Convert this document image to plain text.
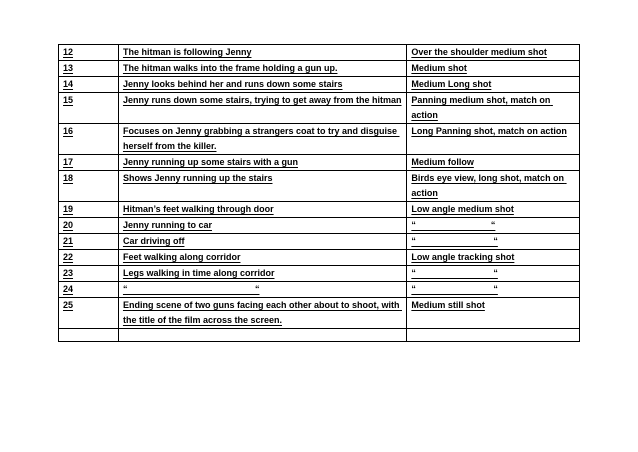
12	The hitman is following Jenny	Over the shoulder medium shot
13	The hitman walks into the frame holding a gun up.	Medium shot
14	Jenny looks behind her and runs down some stairs	Medium Long shot
15	Jenny runs down some stairs, trying to get away from the hitman	Panning medium shot, match on action
16	Focuses on Jenny grabbing a strangers coat to try and disguise herself from the killer.	Long Panning shot, match on action
17	Jenny running up some stairs with a gun	Medium follow
18	Shows Jenny running up the stairs	Birds eye view, long shot, match on action
19	Hitman’s feet walking through door	Low angle medium shot
20	Jenny running to car	“                              “
21	Car driving off	“                               “
22	Feet walking along corridor	Low angle tracking shot
23	Legs walking in time along corridor	“                               “
24	“                                                   “	“                               “
25	Ending scene of two guns facing each other about to shoot, with the title of the film across the screen.	Medium still shot
